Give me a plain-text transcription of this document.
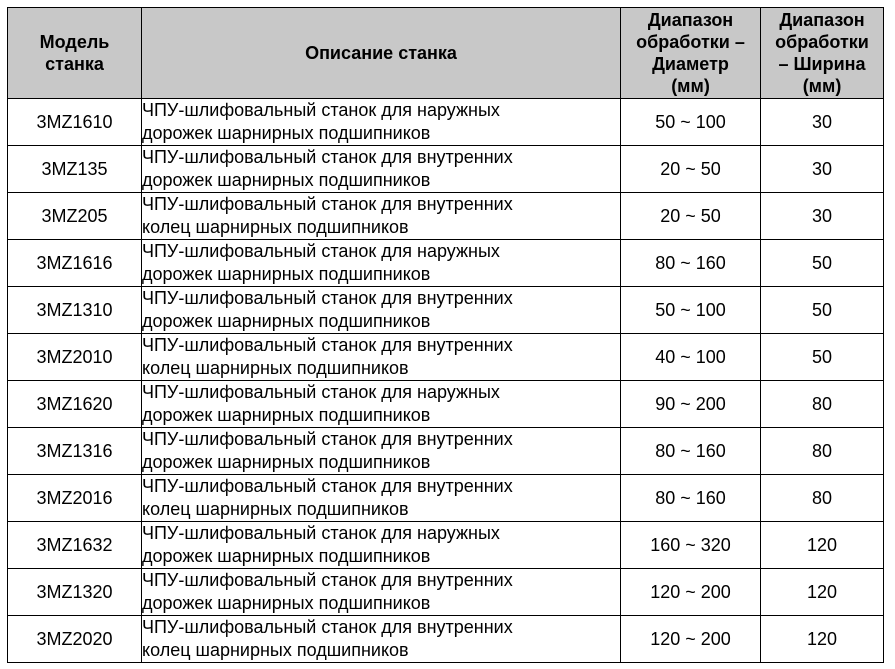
Модель
станка	Описание станка	Диапазон
обработки –
Диаметр
(мм)	Диапазон
обработки
– Ширина
(мм)

3MZ1610	ЧПУ-шлифовальный станок для наружных
дорожек шарнирных подшипников	50 ~ 100	30
3MZ135	ЧПУ-шлифовальный станок для внутренних
дорожек шарнирных подшипников	20 ~ 50	30
3MZ205	ЧПУ-шлифовальный станок для внутренних
колец шарнирных подшипников	20 ~ 50	30
3MZ1616	ЧПУ-шлифовальный станок для наружных
дорожек шарнирных подшипников	80 ~ 160	50
3MZ1310	ЧПУ-шлифовальный станок для внутренних
дорожек шарнирных подшипников	50 ~ 100	50
3MZ2010	ЧПУ-шлифовальный станок для внутренних
колец шарнирных подшипников	40 ~ 100	50
3MZ1620	ЧПУ-шлифовальный станок для наружных
дорожек шарнирных подшипников	90 ~ 200	80
3MZ1316	ЧПУ-шлифовальный станок для внутренних
дорожек шарнирных подшипников	80 ~ 160	80
3MZ2016	ЧПУ-шлифовальный станок для внутренних
колец шарнирных подшипников	80 ~ 160	80
3MZ1632	ЧПУ-шлифовальный станок для наружных
дорожек шарнирных подшипников	160 ~ 320	120
3MZ1320	ЧПУ-шлифовальный станок для внутренних
дорожек шарнирных подшипников	120 ~ 200	120
3MZ2020	ЧПУ-шлифовальный станок для внутренних
колец шарнирных подшипников	120 ~ 200	120
